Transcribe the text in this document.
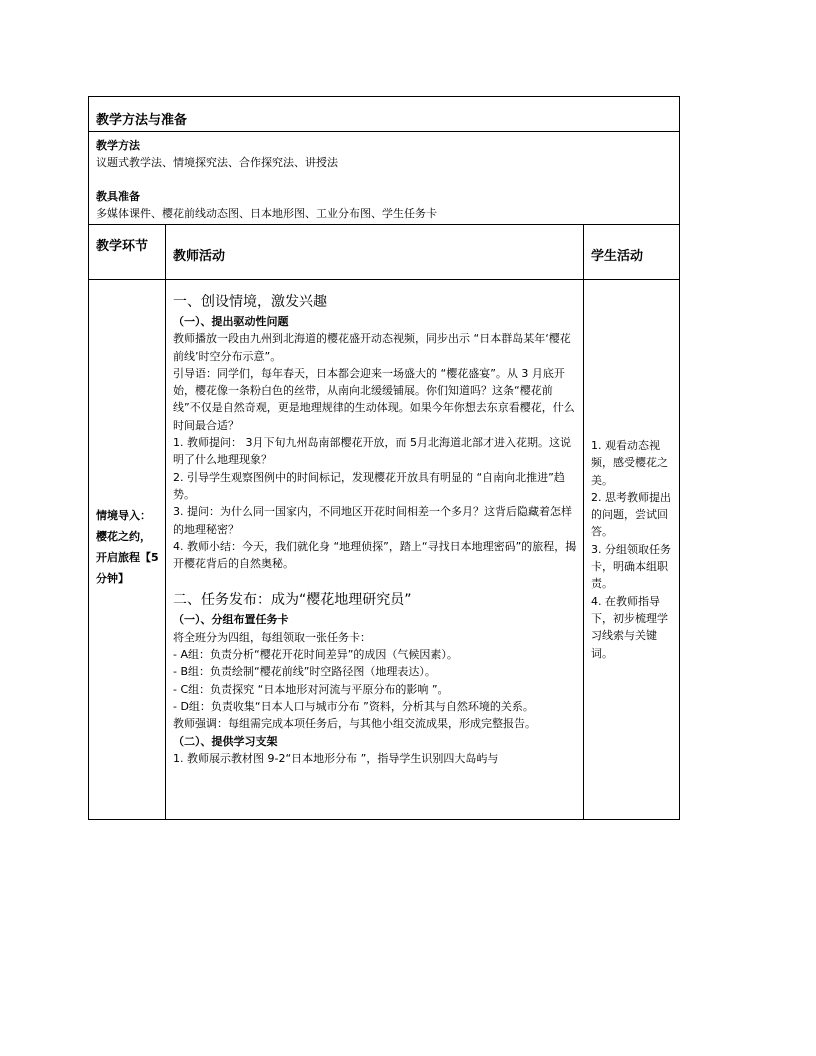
教学方法与准备
教学方法
议题式教学法、情境探究法、合作探究法、讲授法
教具准备
多媒体课件、樱花前线动态图、日本地形图、工业分布图、学生任务卡
教学环节
教师活动	学生活动
情境导入：樱花之约，开启旅程【5分钟】

一、创设情境，激发兴趣

（一）、提出驱动性问题

教师播放一段由九州到北海道的樱花盛开动态视频，同步出示 “日本群岛某年‘樱花前线’时空分布示意”。

引导语：同学们，每年春天，日本都会迎来一场盛大的 “樱花盛宴”。从 3 月底开始，樱花像一条粉白色的丝带，从南向北缓缓铺展。你们知道吗？这条“樱花前线”不仅是自然奇观，更是地理规律的生动体现。如果今年你想去东京看樱花，什么时间最合适？

1. 教师提问： 3月下旬九州岛南部樱花开放，而 5月北海道北部才进入花期。这说明了什么地理现象？

2. 引导学生观察图例中的时间标记，发现樱花开放具有明显的 “自南向北推进”趋势。

3. 提问：为什么同一国家内，不同地区开花时间相差一个多月？这背后隐藏着怎样的地理秘密？

4. 教师小结：今天，我们就化身 “地理侦探”，踏上“寻找日本地理密码”的旅程，揭开樱花背后的自然奥秘。

二、任务发布：成为“樱花地理研究员”

（一）、分组布置任务卡

将全班分为四组，每组领取一张任务卡：

- A组：负责分析“樱花开花时间差异”的成因（气候因素）。

- B组：负责绘制“樱花前线”时空路径图（地理表达）。

- C组：负责探究 “日本地形对河流与平原分布的影响 ”。

- D组：负责收集“日本人口与城市分布 ”资料，分析其与自然环境的关系。

教师强调：每组需完成本项任务后，与其他小组交流成果，形成完整报告。

（二）、提供学习支架

1. 教师展示教材图 9-2“日本地形分布 ”，指导学生识别四大岛屿与

1. 观看动态视频，感受樱花之美。

2. 思考教师提出的问题，尝试回答。

3. 分组领取任务卡，明确本组职责。

4. 在教师指导下，初步梳理学习线索与关键词。
